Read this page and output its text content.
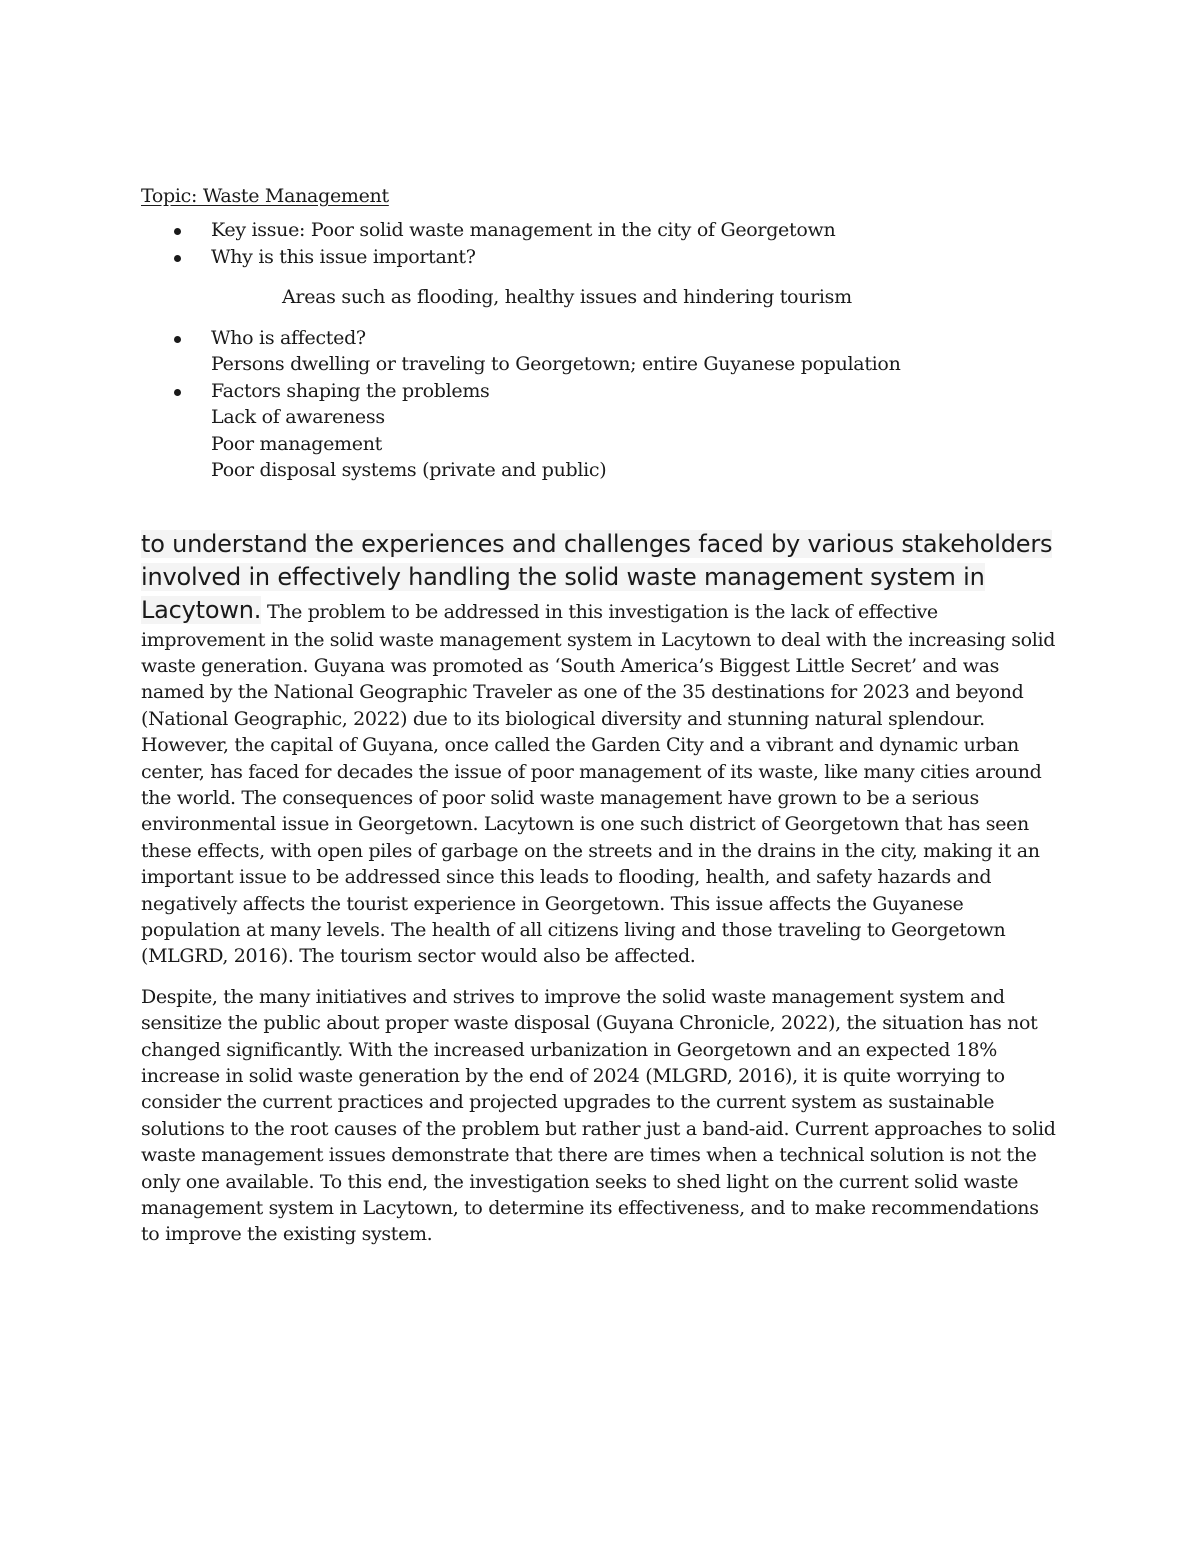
Topic: Waste Management
Key issue: Poor solid waste management in the city of Georgetown
Why is this issue important?
Areas such as flooding, healthy issues and hindering tourism
Who is affected?
Persons dwelling or traveling to Georgetown; entire Guyanese population
Factors shaping the problems
Lack of awareness
Poor management
Poor disposal systems (private and public)

to understand the experiences and challenges faced by various stakeholders involved in effectively handling the solid waste management system in Lacytown. The problem to be addressed in this investigation is the lack of effective improvement in the solid waste management system in Lacytown to deal with the increasing solid waste generation. Guyana was promoted as ‘South America’s Biggest Little Secret’ and was named by the National Geographic Traveler as one of the 35 destinations for 2023 and beyond (National Geographic, 2022) due to its biological diversity and stunning natural splendour. However, the capital of Guyana, once called the Garden City and a vibrant and dynamic urban center, has faced for decades the issue of poor management of its waste, like many cities around the world. The consequences of poor solid waste management have grown to be a serious environmental issue in Georgetown. Lacytown is one such district of Georgetown that has seen these effects, with open piles of garbage on the streets and in the drains in the city, making it an important issue to be addressed since this leads to flooding, health, and safety hazards and negatively affects the tourist experience in Georgetown. This issue affects the Guyanese population at many levels. The health of all citizens living and those traveling to Georgetown (MLGRD, 2016). The tourism sector would also be affected.

Despite, the many initiatives and strives to improve the solid waste management system and sensitize the public about proper waste disposal (Guyana Chronicle, 2022), the situation has not changed significantly. With the increased urbanization in Georgetown and an expected 18% increase in solid waste generation by the end of 2024 (MLGRD, 2016), it is quite worrying to consider the current practices and projected upgrades to the current system as sustainable solutions to the root causes of the problem but rather just a band-aid. Current approaches to solid waste management issues demonstrate that there are times when a technical solution is not the only one available. To this end, the investigation seeks to shed light on the current solid waste management system in Lacytown, to determine its effectiveness, and to make recommendations to improve the existing system.
